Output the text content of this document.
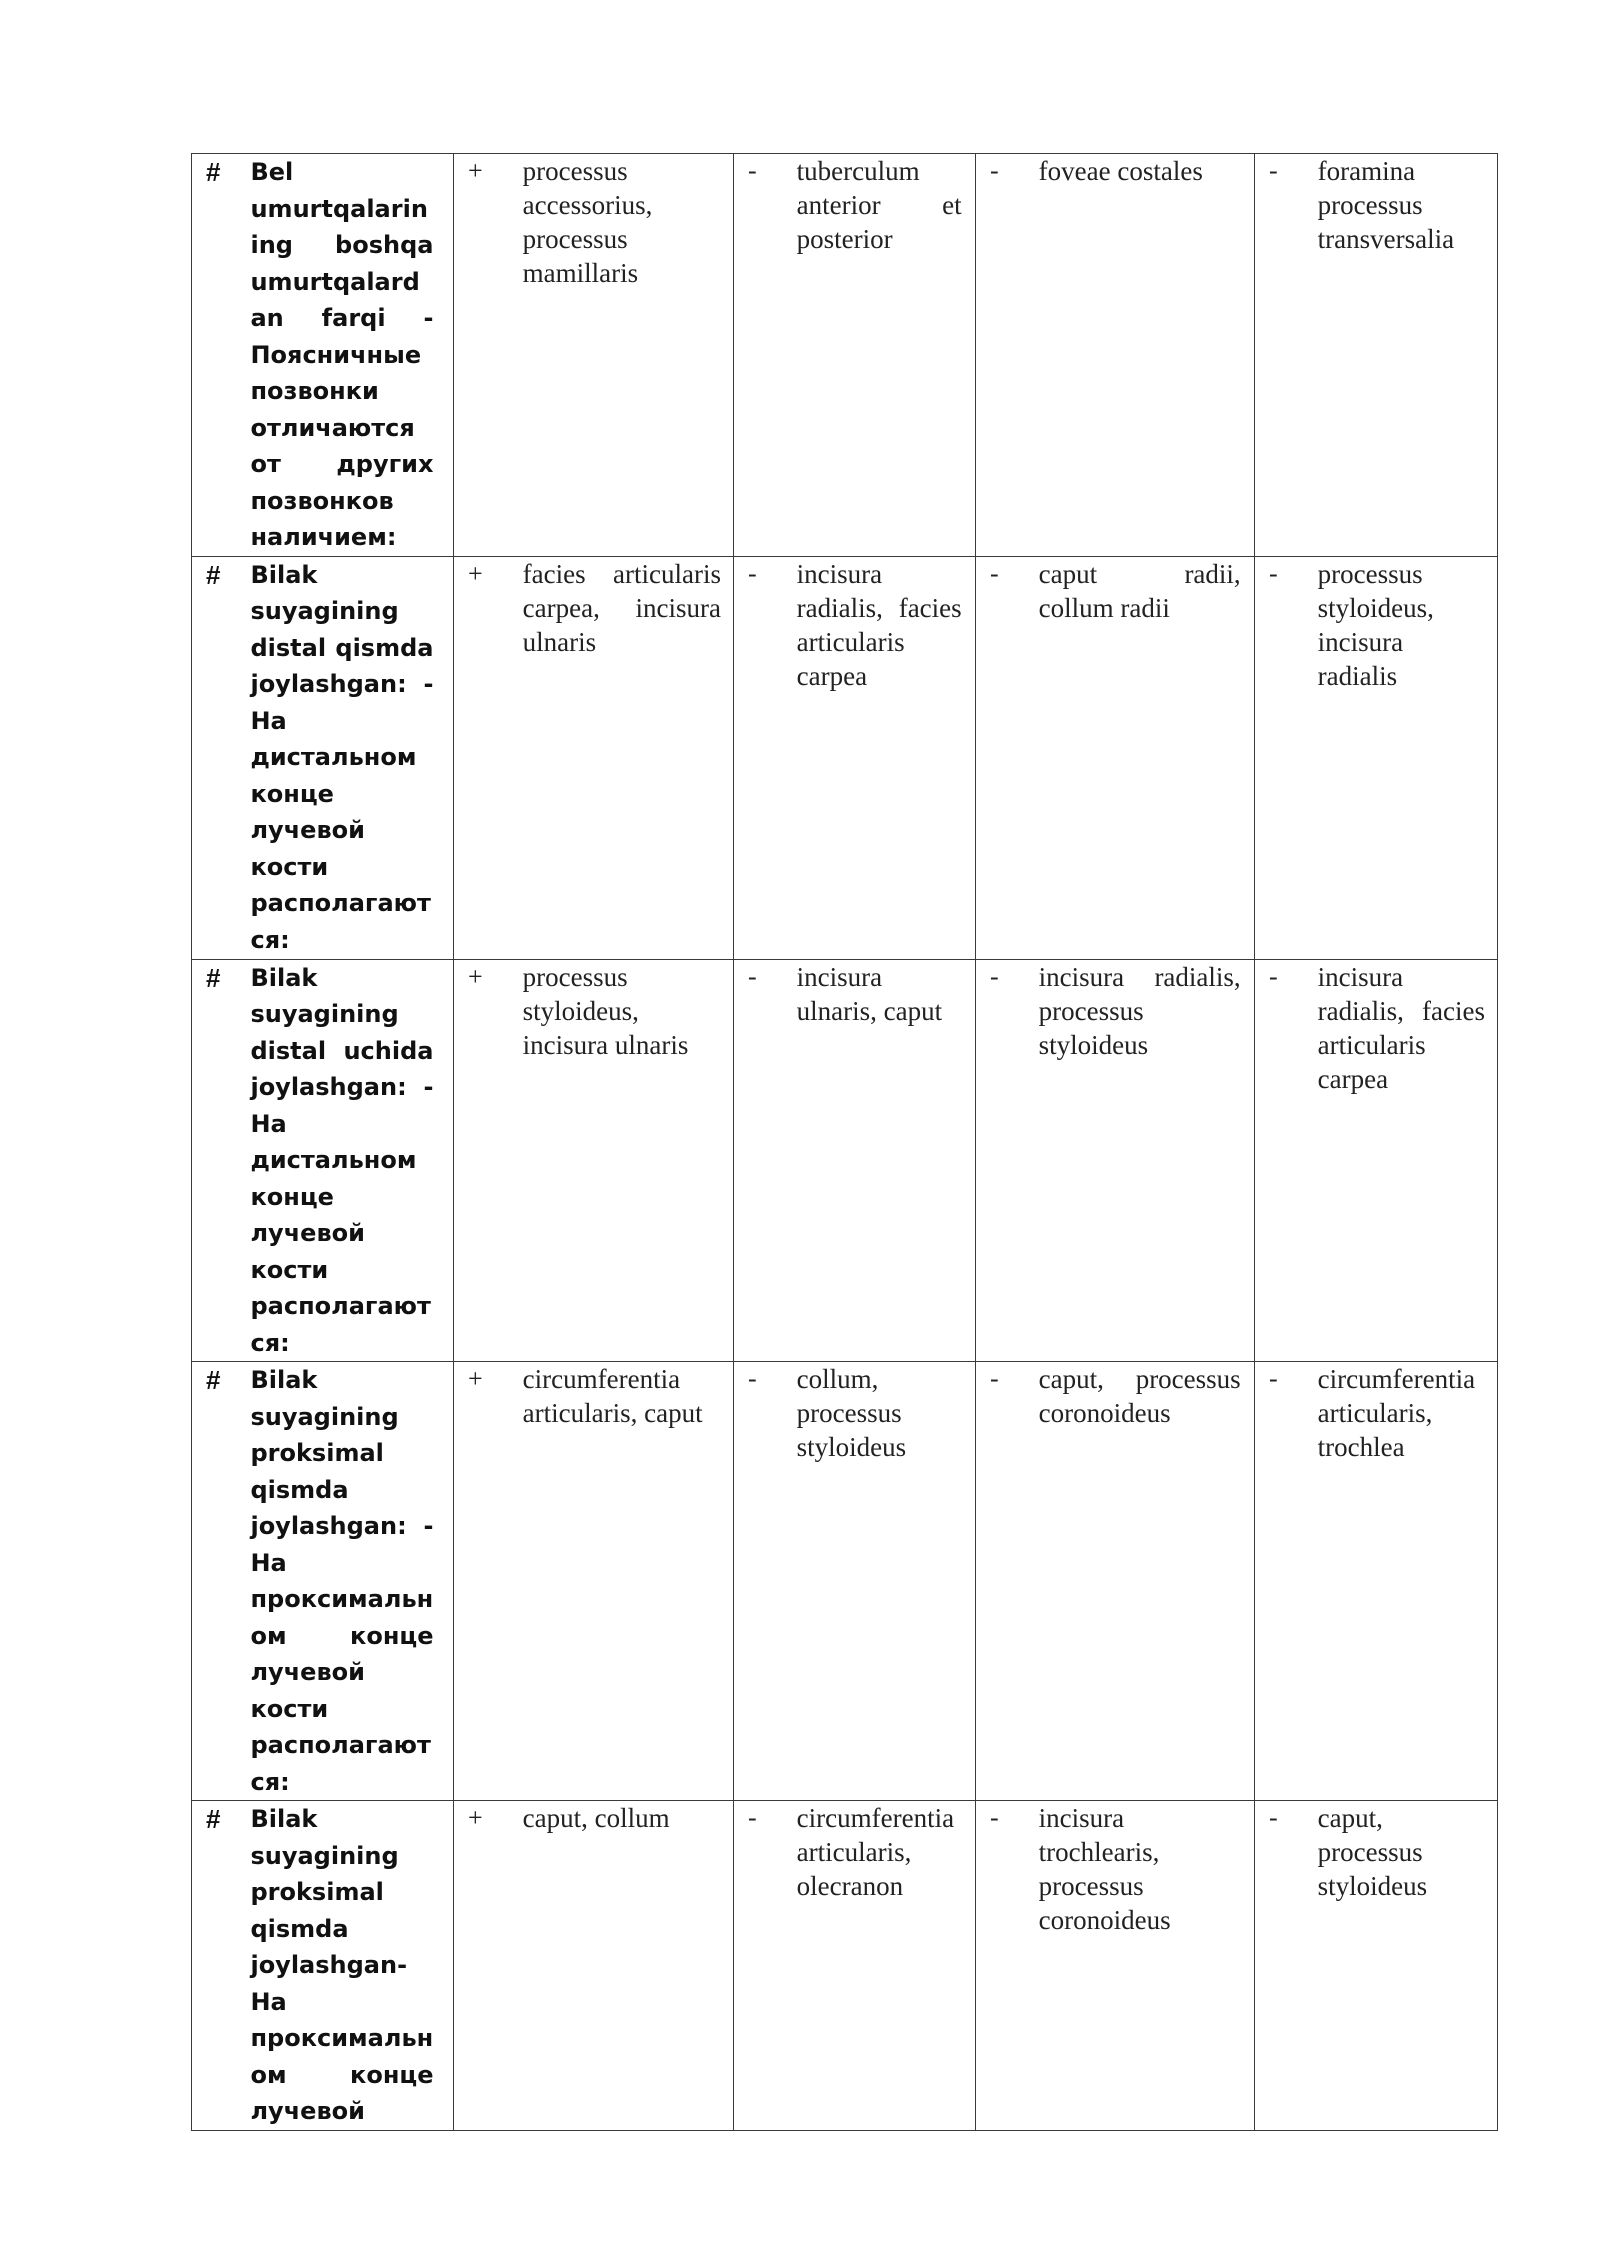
# Bel umurtqalarining boshqa umurtqalardan farqi - Поясничные позвонки отличаются от других позвонков наличием:	+ processus accessorius, processus mamillaris	- tuberculum anterior et posterior	- foveae costales	- foramina processus transversalia

# Bilak suyagining distal qismda joylashgan: - На дистальном конце лучевой кости располагаются:	+ facies articularis carpea, incisura ulnaris	- incisura radialis, facies articularis carpea	- caput radii, collum radii	- processus styloideus, incisura radialis

# Bilak suyagining distal uchida joylashgan: - На дистальном конце лучевой кости располагаются:	+ processus styloideus, incisura ulnaris	- incisura ulnaris, caput	- incisura radialis, processus styloideus	- incisura radialis, facies articularis carpea

# Bilak suyagining proksimal qismda joylashgan: - На проксимальном конце лучевой кости располагаются:	+ circumferentia articularis, caput	- collum, processus styloideus	- caput, processus coronoideus	- circumferentia articularis, trochlea

# Bilak suyagining proksimal qismda joylashgan-На проксимальном конце лучевой	+ caput, collum	- circumferentia articularis, olecranon	- incisura trochlearis, processus coronoideus	- caput, processus styloideus
